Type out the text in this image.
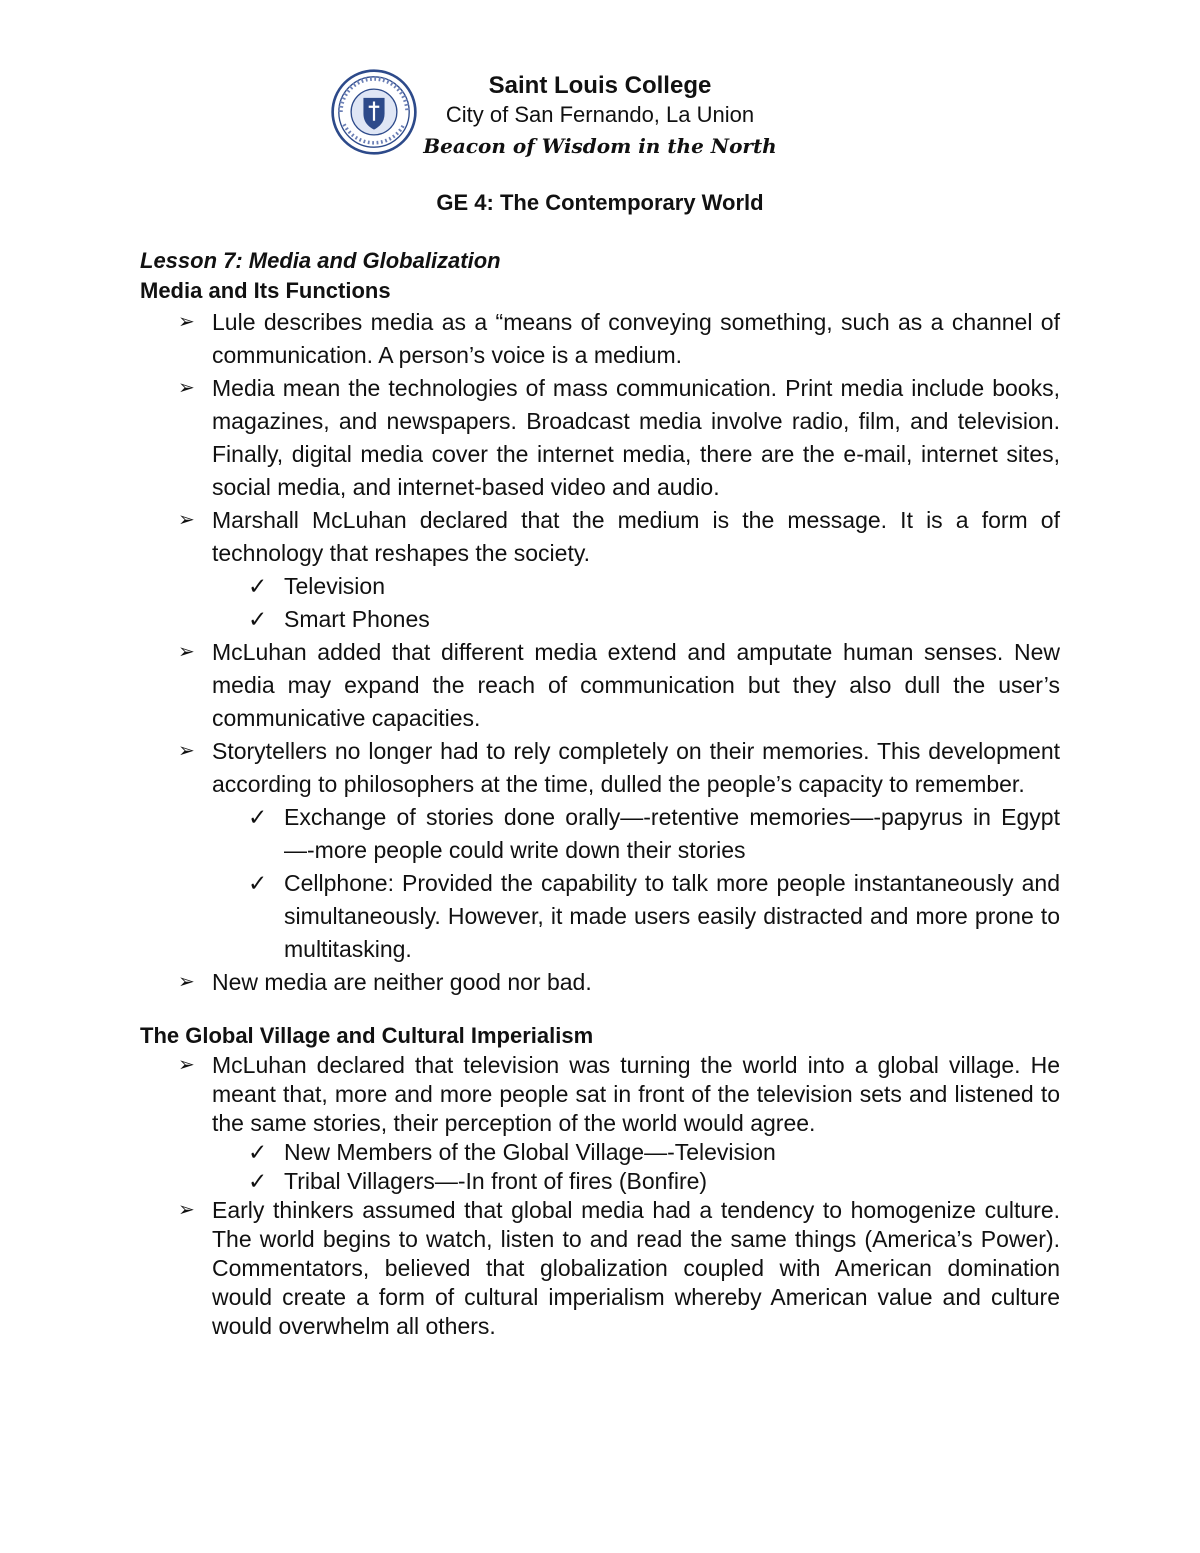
Saint Louis College
City of San Fernando, La Union
Beacon of Wisdom in the North
GE 4: The Contemporary World
Lesson 7: Media and Globalization
Media and Its Functions
➢ Lule describes media as a “means of conveying something, such as a channel of communication. A person’s voice is a medium.
➢ Media mean the technologies of mass communication. Print media include books, magazines, and newspapers. Broadcast media involve radio, film, and television. Finally, digital media cover the internet media, there are the e-mail, internet sites, social media, and internet-based video and audio.
➢ Marshall McLuhan declared that the medium is the message. It is a form of technology that reshapes the society.
✓ Television
✓ Smart Phones
➢ McLuhan added that different media extend and amputate human senses. New media may expand the reach of communication but they also dull the user’s communicative capacities.
➢ Storytellers no longer had to rely completely on their memories. This development according to philosophers at the time, dulled the people’s capacity to remember.
✓ Exchange of stories done orally—-retentive memories—-papyrus in Egypt—-more people could write down their stories
✓ Cellphone: Provided the capability to talk more people instantaneously and simultaneously. However, it made users easily distracted and more prone to multitasking.
➢ New media are neither good nor bad.
The Global Village and Cultural Imperialism
➢ McLuhan declared that television was turning the world into a global village. He meant that, more and more people sat in front of the television sets and listened to the same stories, their perception of the world would agree.
✓ New Members of the Global Village—-Television
✓ Tribal Villagers—-In front of fires (Bonfire)
➢ Early thinkers assumed that global media had a tendency to homogenize culture. The world begins to watch, listen to and read the same things (America’s Power). Commentators, believed that globalization coupled with American domination would create a form of cultural imperialism whereby American value and culture would overwhelm all others.
